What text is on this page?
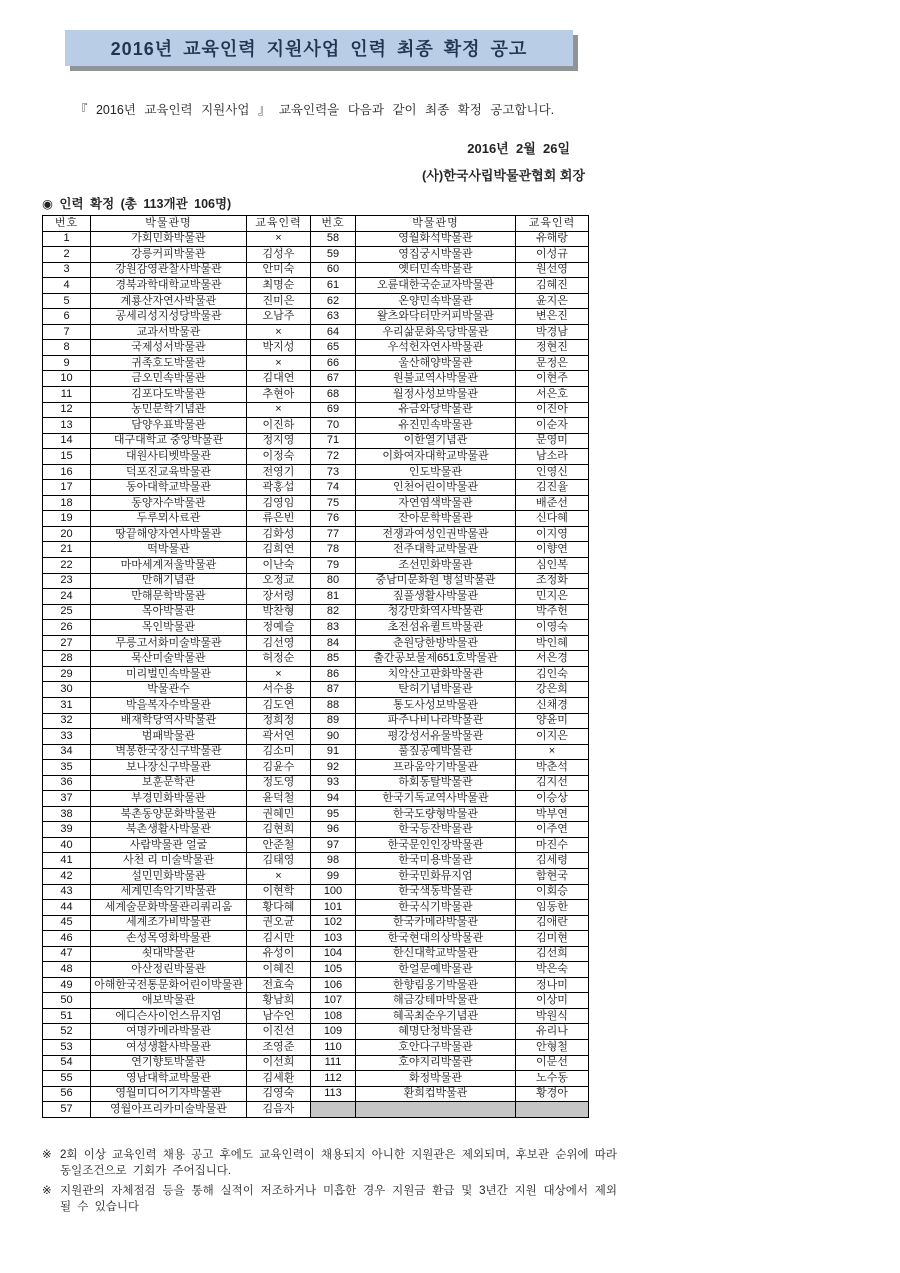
2016년 교육인력 지원사업 인력 최종 확정 공고
『 2016년 교육인력 지원사업 』 교육인력을 다음과 같이 최종 확정 공고합니다.
2016년  2월  26일
(사)한국사립박물관협회 회장
◉ 인력 확정 (총 113개관 106명)
번호	박물관명	교육인력	번호	박물관명	교육인력
1	가회민화박물관	×	58	영월화석박물관	유해랑
2	강릉커피박물관	김성우	59	영집궁시박물관	이성규
3	강원감영관찰사박물관	안미숙	60	옛터민속박물관	원선영
4	경북과학대학교박물관	최명순	61	오륜대한국순교자박물관	김혜진
5	계룡산자연사박물관	진미은	62	온양민속박물관	윤지은
6	공세리성지성당박물관	오남주	63	왈츠와닥터만커피박물관	변은진
7	교과서박물관	×	64	우리삶문화옥당박물관	박경남
8	국제성서박물관	박지성	65	우석헌자연사박물관	정현진
9	귀족호도박물관	×	66	울산해양박물관	문정은
10	금오민속박물관	김대연	67	원불교역사박물관	이현주
11	김포다도박물관	추현아	68	월정사성보박물관	서은호
12	농민문학기념관	×	69	유금와당박물관	이진아
13	담양우표박물관	이진하	70	유진민속박물관	이순자
14	대구대학교 중앙박물관	정지영	71	이한열기념관	문영미
15	대원사티벳박물관	이정숙	72	이화여자대학교박물관	남소라
16	덕포진교육박물관	전영기	73	인도박물관	인영신
17	동아대학교박물관	곽홍섭	74	인천어린이박물관	김진율
18	동양자수박물관	김영임	75	자연염색박물관	배준선
19	두루뫼사료관	류은빈	76	잔아문학박물관	신다혜
20	땅끝해양자연사박물관	김화성	77	전쟁과여성인권박물관	이지영
21	떡박물관	김희연	78	전주대학교박물관	이향연
22	마마세계저울박물관	이난숙	79	조선민화박물관	심인복
23	만해기념관	오정교	80	중남미문화원 병설박물관	조정화
24	만해문학박물관	장서령	81	짚풀생활사박물관	민지은
25	목아박물관	박찬형	82	청강만화역사박물관	박주헌
26	목인박물관	정예슬	83	초전섬유퀼트박물관	이영숙
27	무릉고서화미술박물관	김선영	84	춘원당한방박물관	박인혜
28	묵산미술박물관	허정순	85	출간공보물제651호박물관	서은경
29	미리벌민속박물관	×	86	치악산고판화박물관	김인숙
30	박물관수	서수용	87	탄허기념박물관	강은희
31	박을복자수박물관	김도연	88	통도사성보박물관	신채경
32	배재학당역사박물관	정희정	89	파주나비나라박물관	양윤미
33	범패박물관	곽서연	90	평강성서유물박물관	이지은
34	벽봉한국장신구박물관	김소미	91	풀짚공예박물관	×
35	보나장신구박물관	김윤수	92	프라움악기박물관	박춘석
36	보훈문학관	정도영	93	하회동탈박물관	김지선
37	부경민화박물관	윤덕철	94	한국기독교역사박물관	이승상
38	북촌동양문화박물관	권혜민	95	한국도량형박물관	박부연
39	북촌생활사박물관	김현희	96	한국등잔박물관	이주연
40	사람박물관 얼굴	안준철	97	한국문인인장박물관	마진수
41	사천 리 미술박물관	김태영	98	한국미용박물관	김세령
42	설민민화박물관	×	99	한국민화뮤지엄	함현국
43	세계민속악기박물관	이현학	100	한국색동박물관	이회승
44	세계술문화박물관리쿼리움	황다혜	101	한국식기박물관	임동한
45	세계조가비박물관	권오균	102	한국카메라박물관	김애란
46	손성목영화박물관	김시만	103	한국현대의상박물관	김미현
47	쇳대박물관	유성이	104	한신대학교박물관	김선희
48	아산정린박물관	이혜진	105	한얼문예박물관	박은숙
49	아해한국전통문화어린이박물관	전효숙	106	한향림옹기박물관	정나미
50	애보박물관	황남희	107	해금강테마박물관	이상미
51	에디슨사이언스뮤지엄	남수언	108	혜곡최순우기념관	박원식
52	여명카메라박물관	이진선	109	혜명단청박물관	유리나
53	여성생활사박물관	조영준	110	호안다구박물관	안형철
54	연기향토박물관	이선희	111	호야지리박물관	이문선
55	영남대학교박물관	김세환	112	화정박물관	노수동
56	영월미디어기자박물관	김영숙	113	환희컵박물관	황경아
57	영월아프리카미술박물관	김음자			
※ 2회 이상 교육인력 채용 공고 후에도 교육인력이 채용되지 아니한 지원관은 제외되며, 후보관 순위에 따라 동일조건으로 기회가 주어집니다.
※ 지원관의 자체점검 등을 통해 실적이 저조하거나 미흡한 경우 지원금 환급 및 3년간 지원 대상에서 제외 될 수 있습니다
